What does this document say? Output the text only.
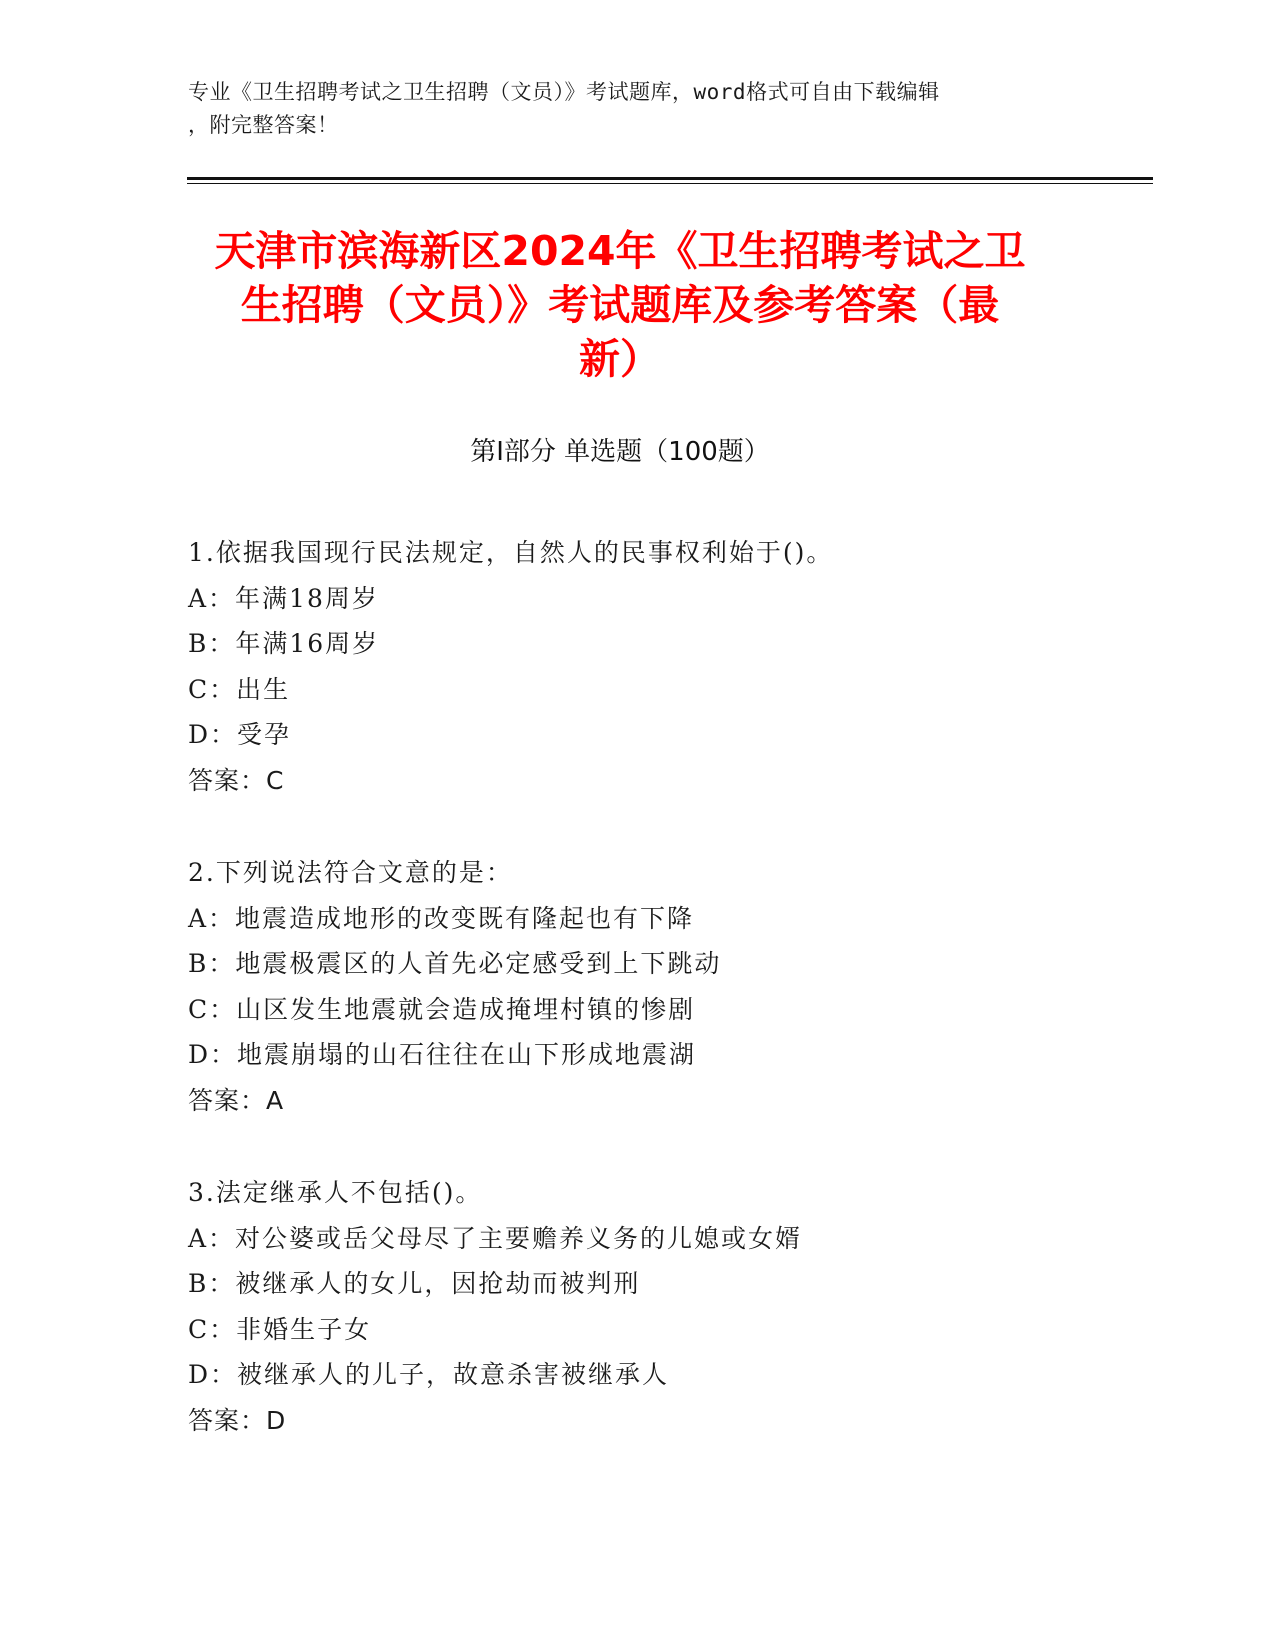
专业《卫生招聘考试之卫生招聘（文员）》考试题库，word格式可自由下载编辑
，附完整答案！
天津市滨海新区2024年《卫生招聘考试之卫
生招聘（文员）》考试题库及参考答案（最
新）
第Ⅰ部分 单选题（100题）
1.依据我国现行民法规定，自然人的民事权利始于()。
A：年满18周岁
B：年满16周岁
C：出生
D：受孕
答案：C
2.下列说法符合文意的是：
A：地震造成地形的改变既有隆起也有下降
B：地震极震区的人首先必定感受到上下跳动
C：山区发生地震就会造成掩埋村镇的惨剧
D：地震崩塌的山石往往在山下形成地震湖
答案：A
3.法定继承人不包括()。
A：对公婆或岳父母尽了主要赡养义务的儿媳或女婿
B：被继承人的女儿，因抢劫而被判刑
C：非婚生子女
D：被继承人的儿子，故意杀害被继承人
答案：D
